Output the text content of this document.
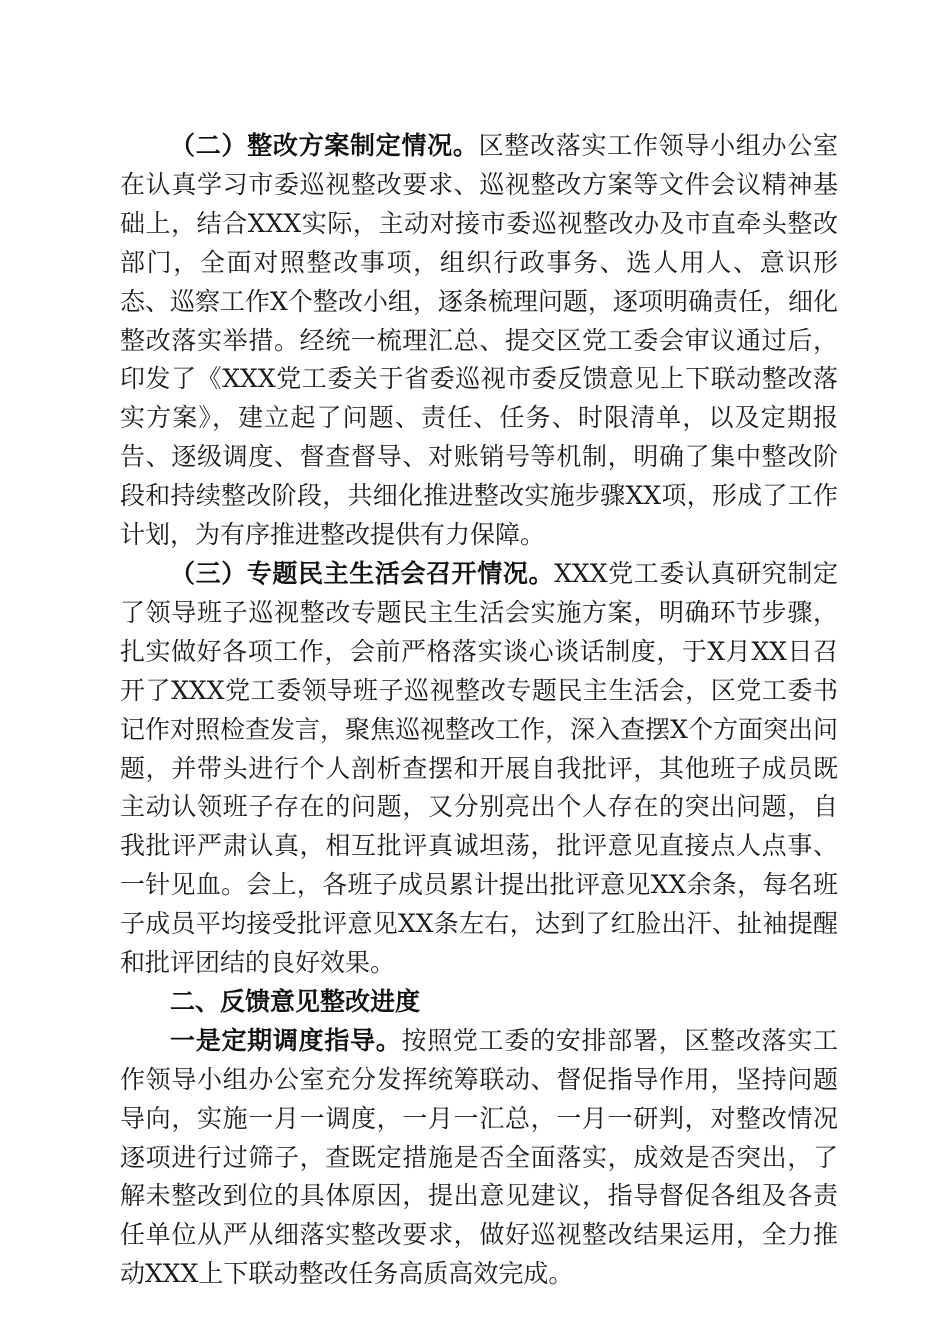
（二）整改方案制定情况。区整改落实工作领导小组办公室在认真学习市委巡视整改要求、巡视整改方案等文件会议精神基础上，结合XXX实际，主动对接市委巡视整改办及市直牵头整改部门，全面对照整改事项，组织行政事务、选人用人、意识形态、巡察工作X个整改小组，逐条梳理问题，逐项明确责任，细化整改落实举措。经统一梳理汇总、提交区党工委会审议通过后，印发了《XXX党工委关于省委巡视市委反馈意见上下联动整改落实方案》，建立起了问题、责任、任务、时限清单，以及定期报告、逐级调度、督查督导、对账销号等机制，明确了集中整改阶段和持续整改阶段，共细化推进整改实施步骤XX项，形成了工作计划，为有序推进整改提供有力保障。

（三）专题民主生活会召开情况。XXX党工委认真研究制定了领导班子巡视整改专题民主生活会实施方案，明确环节步骤，扎实做好各项工作，会前严格落实谈心谈话制度，于X月XX日召开了XXX党工委领导班子巡视整改专题民主生活会，区党工委书记作对照检查发言，聚焦巡视整改工作，深入查摆X个方面突出问题，并带头进行个人剖析查摆和开展自我批评，其他班子成员既主动认领班子存在的问题，又分别亮出个人存在的突出问题，自我批评严肃认真，相互批评真诚坦荡，批评意见直接点人点事、一针见血。会上，各班子成员累计提出批评意见XX余条，每名班子成员平均接受批评意见XX条左右，达到了红脸出汗、扯袖提醒和批评团结的良好效果。

二、反馈意见整改进度

一是定期调度指导。按照党工委的安排部署，区整改落实工作领导小组办公室充分发挥统筹联动、督促指导作用，坚持问题导向，实施一月一调度，一月一汇总，一月一研判，对整改情况逐项进行过筛子，查既定措施是否全面落实，成效是否突出，了解未整改到位的具体原因，提出意见建议，指导督促各组及各责任单位从严从细落实整改要求，做好巡视整改结果运用，全力推动XXX上下联动整改任务高质高效完成。
